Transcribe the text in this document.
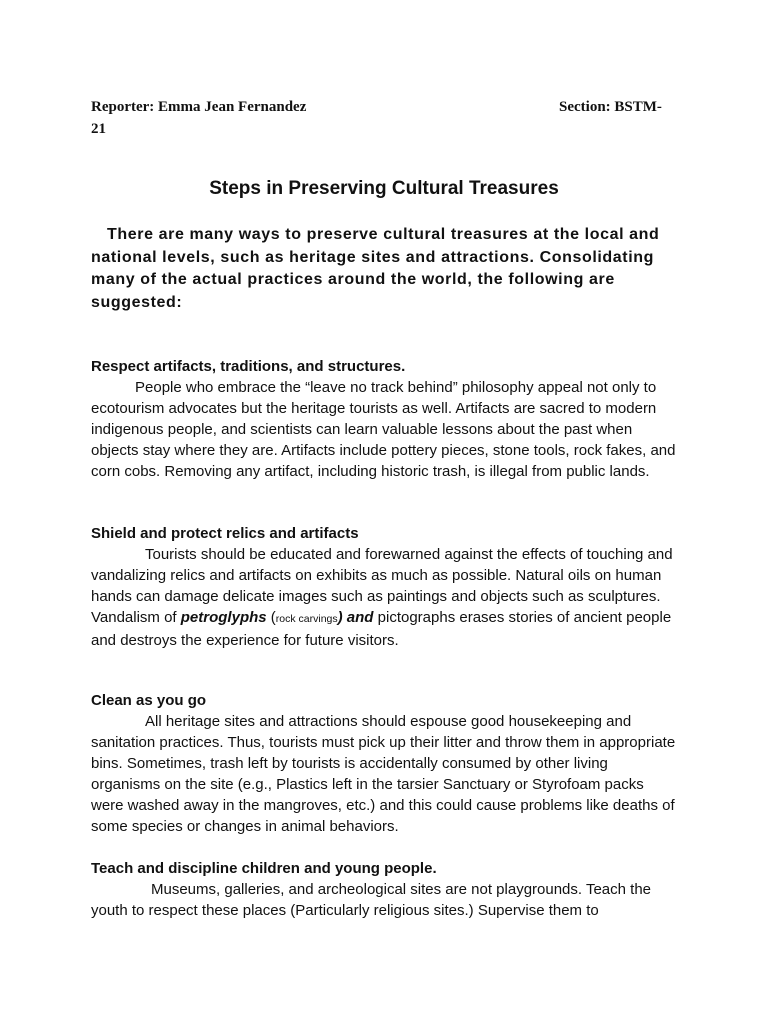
Reporter: Emma Jean Fernandez	Section: BSTM-
21
Steps in Preserving Cultural Treasures

There are many ways to preserve cultural treasures at the local and national levels, such as heritage sites and attractions. Consolidating many of the actual practices around the world, the following are suggested:

Respect artifacts, traditions, and structures.

People who embrace the “leave no track behind” philosophy appeal not only to ecotourism advocates but the heritage tourists as well. Artifacts are sacred to modern indigenous people, and scientists can learn valuable lessons about the past when objects stay where they are. Artifacts include pottery pieces, stone tools, rock fakes, and corn cobs. Removing any artifact, including historic trash, is illegal from public lands.

Shield and protect relics and artifacts

Tourists should be educated and forewarned against the effects of touching and vandalizing relics and artifacts on exhibits as much as possible. Natural oils on human hands can damage delicate images such as paintings and objects such as sculptures. Vandalism of petroglyphs (rock carvings) and pictographs erases stories of ancient people and destroys the experience for future visitors.

Clean as you go

All heritage sites and attractions should espouse good housekeeping and sanitation practices. Thus, tourists must pick up their litter and throw them in appropriate bins. Sometimes, trash left by tourists is accidentally consumed by other living organisms on the site (e.g., Plastics left in the tarsier Sanctuary or Styrofoam packs were washed away in the mangroves, etc.) and this could cause problems like deaths of some species or changes in animal behaviors.

Teach and discipline children and young people.

Museums, galleries, and archeological sites are not playgrounds. Teach the youth to respect these places (Particularly religious sites.) Supervise them to
